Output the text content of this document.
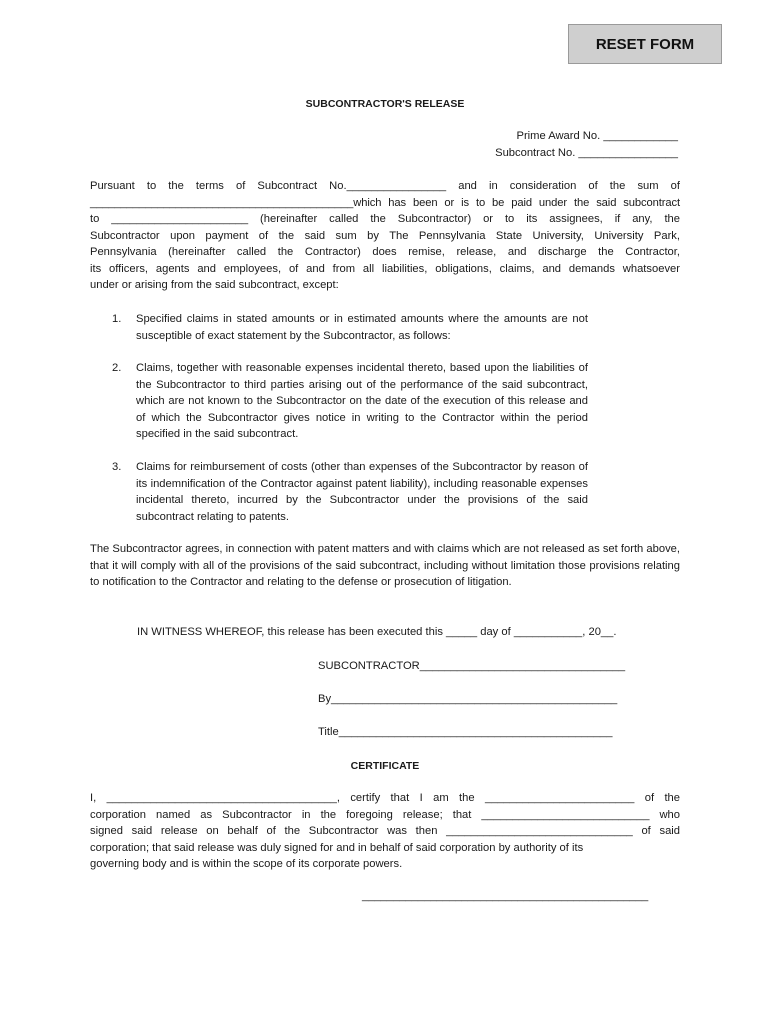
RESET FORM
SUBCONTRACTOR'S RELEASE
Prime Award No. ____________
Subcontract No. ________________
Pursuant to the terms of Subcontract No.________________ and in consideration of the sum of
___________________________________________which has been or is to be paid under the said subcontract
to ______________________ (hereinafter called the Subcontractor) or to its assignees, if any, the
Subcontractor upon payment of the said sum by The Pennsylvania State University, University Park,
Pennsylvania (hereinafter called the Contractor) does remise, release, and discharge the Contractor,
its officers, agents and employees, of and from all liabilities, obligations, claims, and demands whatsoever
under or arising from the said subcontract, except:
1. Specified claims in stated amounts or in estimated amounts where the amounts are not susceptible of exact statement by the Subcontractor, as follows:
2. Claims, together with reasonable expenses incidental thereto, based upon the liabilities of the Subcontractor to third parties arising out of the performance of the said subcontract, which are not known to the Subcontractor on the date of the execution of this release and of which the Subcontractor gives notice in writing to the Contractor within the period specified in the said subcontract.
3. Claims for reimbursement of costs (other than expenses of the Subcontractor by reason of its indemnification of the Contractor against patent liability), including reasonable expenses incidental thereto, incurred by the Subcontractor under the provisions of the said subcontract relating to patents.
The Subcontractor agrees, in connection with patent matters and with claims which are not released as set forth above, that it will comply with all of the provisions of the said subcontract, including without limitation those provisions relating to notification to the Contractor and relating to the defense or prosecution of litigation.
IN WITNESS WHEREOF, this release has been executed this _____ day of ___________, 20__.
SUBCONTRACTOR_________________________________
By______________________________________________
Title____________________________________________
CERTIFICATE
I, _____________________________________, certify that I am the ________________________ of the
corporation named as Subcontractor in the foregoing release; that ___________________________ who
signed said release on behalf of the Subcontractor was then ______________________________ of said
corporation; that said release was duly signed for and in behalf of said corporation by authority of its
governing body and is within the scope of its corporate powers.
______________________________________________
